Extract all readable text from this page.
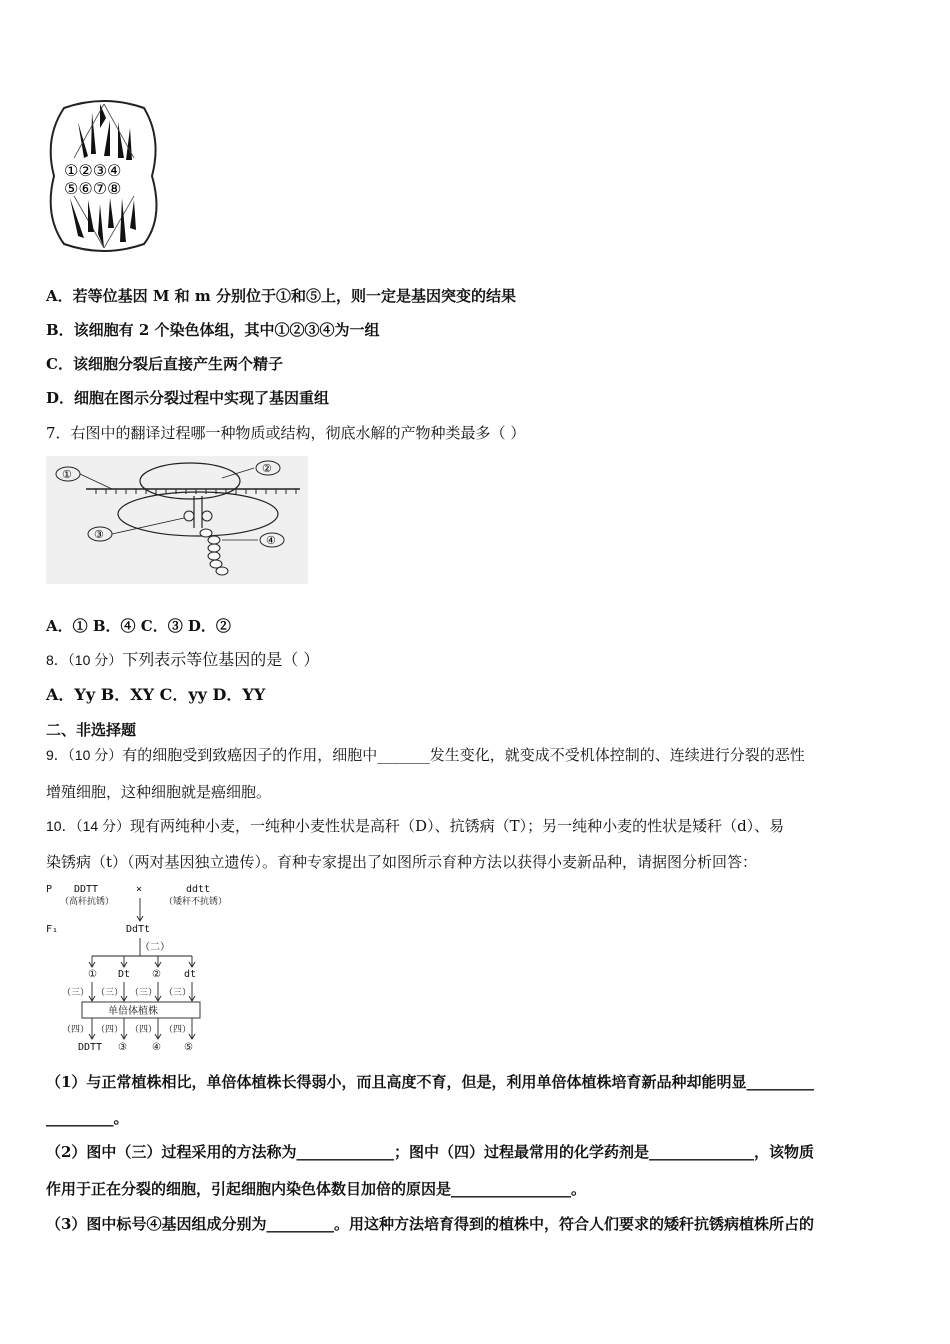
①②③④
⑤⑥⑦⑧
A．若等位基因 M 和 m 分别位于①和⑤上，则一定是基因突变的结果
B．该细胞有 2 个染色体组，其中①②③④为一组
C．该细胞分裂后直接产生两个精子
D．细胞在图示分裂过程中实现了基因重组
7．右图中的翻译过程哪一种物质或结构，彻底水解的产物种类最多（ ）
①	②
③	④
A．① B．④ C．③ D．②
8．（10 分）下列表示等位基因的是（ ）
A．Yy B．XY C．yy D．YY
二、非选择题
9．（10 分）有的细胞受到致癌因子的作用，细胞中_______发生变化，就变成不受机体控制的、连续进行分裂的恶性
增殖细胞，这种细胞就是癌细胞。
10．（14 分）现有两纯种小麦，一纯种小麦性状是高秆（D）、抗锈病（T）；另一纯种小麦的性状是矮秆（d）、易
染锈病（t）（两对基因独立遗传）。育种专家提出了如图所示育种方法以获得小麦新品种，请据图分析回答：
P DDTT
（高秆抗锈）
×	ddtt
（矮秆不抗锈）
F₁	DdTt
（二）
① Dt ② dt
（三） （三） （三） （三）
单倍体植株
（四） （四） （四） （四）
DDTT ③	④ ⑤
（1）与正常植株相比，单倍体植株长得弱小，而且高度不育，但是，利用单倍体植株培育新品种却能明显_________
_________。
（2）图中（三）过程采用的方法称为_____________；图中（四）过程最常用的化学药剂是______________，该物质
作用于正在分裂的细胞，引起细胞内染色体数目加倍的原因是________________。
（3）图中标号④基因组成分别为_________。用这种方法培育得到的植株中，符合人们要求的矮秆抗锈病植株所占的
